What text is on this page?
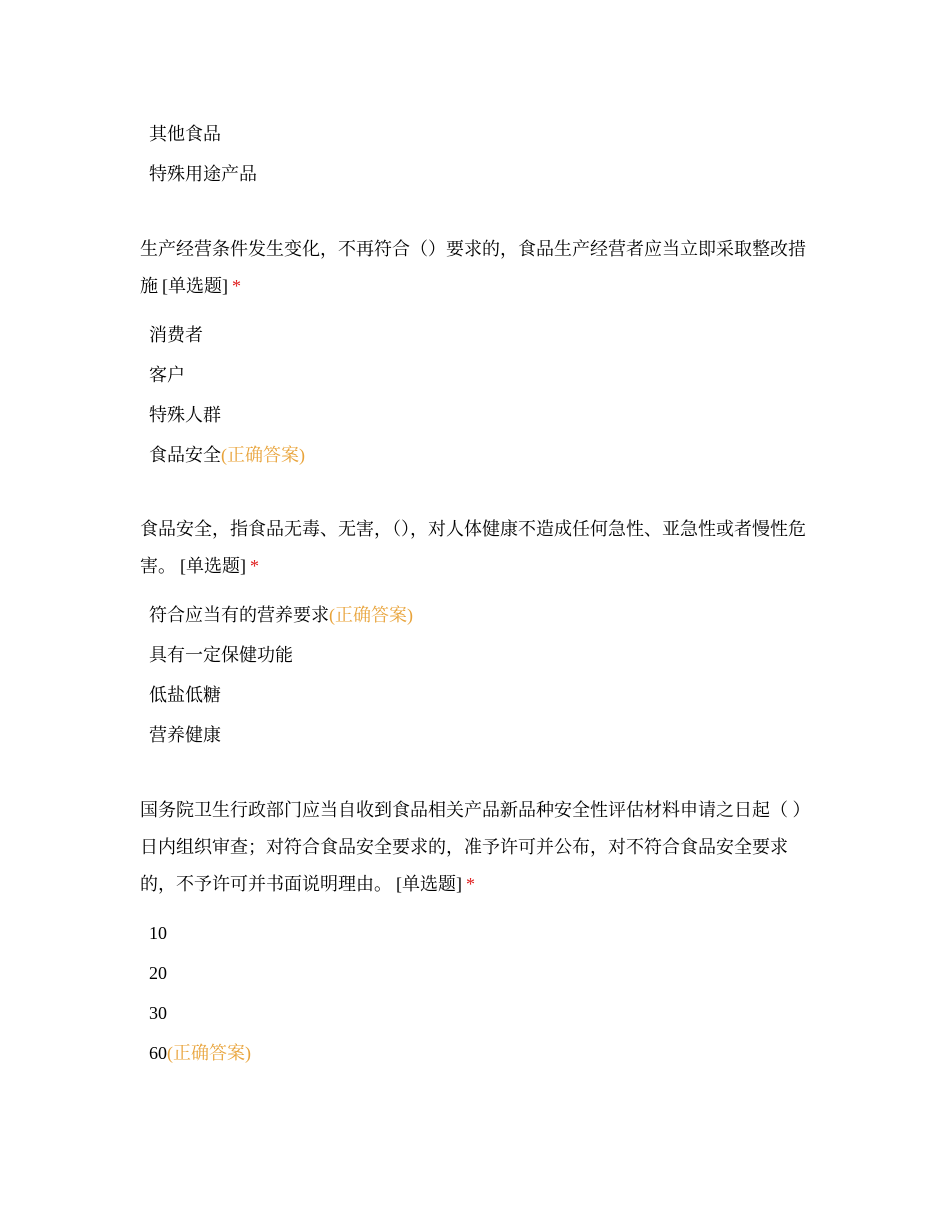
其他食品
特殊用途产品
生产经营条件发生变化，不再符合（）要求的，食品生产经营者应当立即采取整改措施 [单选题] *
消费者
客户
特殊人群
食品安全(正确答案)
食品安全，指食品无毒、无害，（），对人体健康不造成任何急性、亚急性或者慢性危害。 [单选题] *
符合应当有的营养要求(正确答案)
具有一定保健功能
低盐低糖
营养健康
国务院卫生行政部门应当自收到食品相关产品新品种安全性评估材料申请之日起（ ）日内组织审查；对符合食品安全要求的，准予许可并公布，对不符合食品安全要求的，不予许可并书面说明理由。 [单选题] *
10
20
30
60(正确答案)
